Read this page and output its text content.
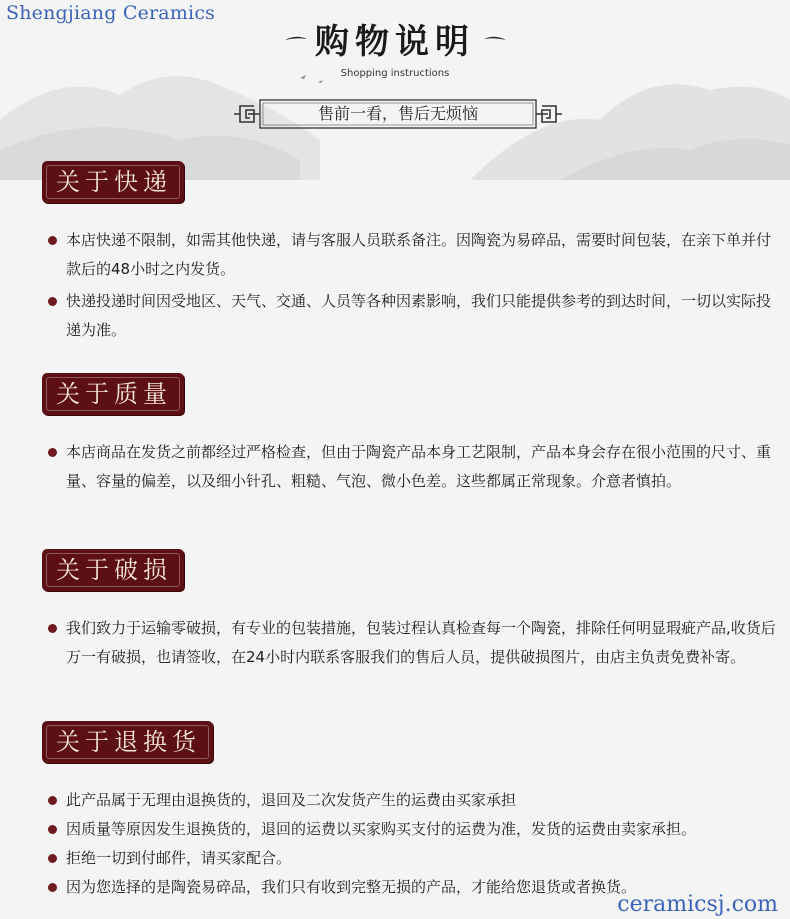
Shengjiang Ceramics
购物说明
Shopping instructions
售前一看，售后无烦恼
关于快递
本店快递不限制，如需其他快递，请与客服人员联系备注。因陶瓷为易碎品，需要时间包装，在亲下单并付款后的48小时之内发货。
快递投递时间因受地区、天气、交通、人员等各种因素影响，我们只能提供参考的到达时间，一切以实际投递为准。
关于质量
本店商品在发货之前都经过严格检查，但由于陶瓷产品本身工艺限制，产品本身会存在很小范围的尺寸、重量、容量的偏差，以及细小针孔、粗糙、气泡、微小色差。这些都属正常现象。介意者慎拍。
关于破损
我们致力于运输零破损，有专业的包装措施，包装过程认真检查每一个陶瓷，排除任何明显瑕疵产品,收货后万一有破损，也请签收，在24小时内联系客服我们的售后人员，提供破损图片，由店主负责免费补寄。
关于退换货
此产品属于无理由退换货的，退回及二次发货产生的运费由买家承担
因质量等原因发生退换货的，退回的运费以买家购买支付的运费为准，发货的运费由卖家承担。
拒绝一切到付邮件，请买家配合。
因为您选择的是陶瓷易碎品，我们只有收到完整无损的产品，才能给您退货或者换货。
ceramicsj.com
